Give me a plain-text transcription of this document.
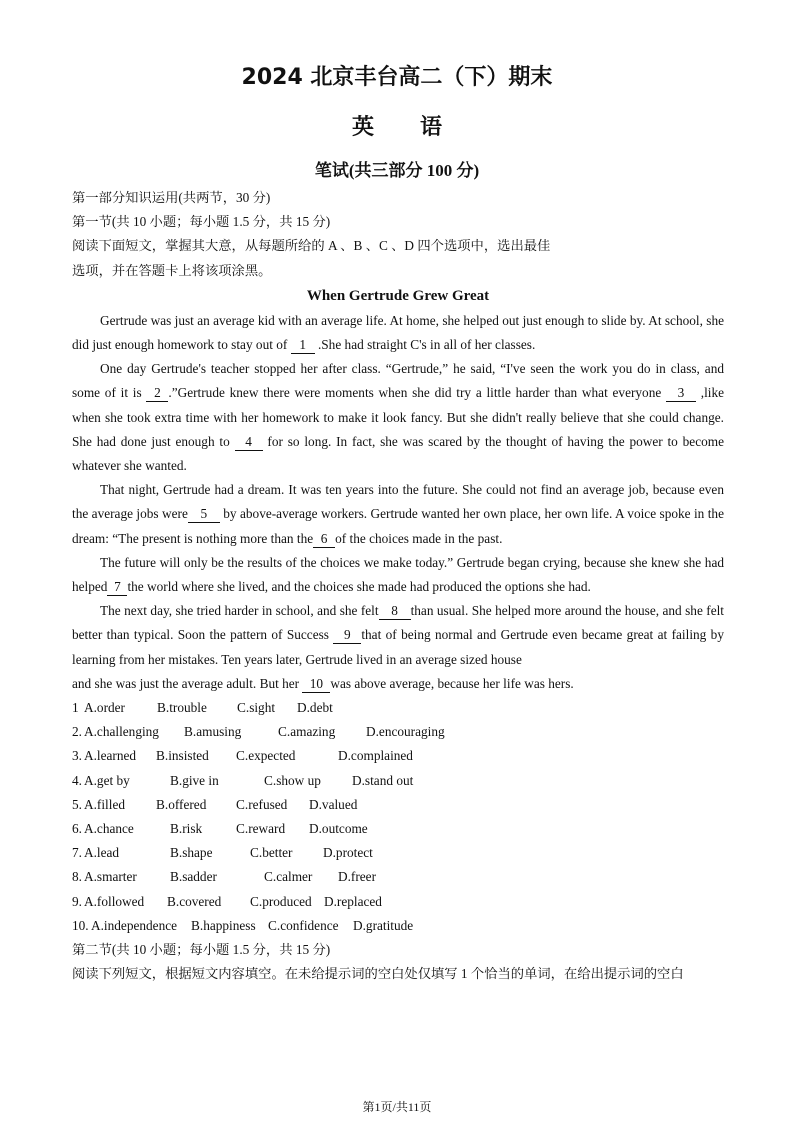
2024 北京丰台高二（下）期末
英 语
笔试(共三部分 100 分)
第一部分知识运用(共两节，30 分)
第一节(共 10 小题；每小题 1.5 分，共 15 分)
阅读下面短文，掌握其大意，从每题所给的 A 、B 、C 、D 四个选项中，选出最佳
选项，并在答题卡上将该项涂黑。
When Gertrude Grew Great
Gertrude was just an average kid with an average life. At home, she helped out just enough to slide by. At school, she did just enough homework to stay out of 1 .She had straight C's in all of her classes.
One day Gertrude's teacher stopped her after class. “Gertrude,” he said, “I've seen the work you do in class, and some of it is 2 .”Gertrude knew there were moments when she did try a little harder than what everyone 3 ,like when she took extra time with her homework to make it look fancy. But she didn't really believe that she could change. She had done just enough to 4 for so long. In fact, she was scared by the thought of having the power to become whatever she wanted.
That night, Gertrude had a dream. It was ten years into the future. She could not find an average job, because even the average jobs were 5 by above-average workers. Gertrude wanted her own place, her own life. A voice spoke in the dream: “The present is nothing more than the 6 of the choices made in the past.
The future will only be the results of the choices we make today.” Gertrude began crying, because she knew she had helped 7 the world where she lived, and the choices she made had produced the options she had.
The next day, she tried harder in school, and she felt 8 than usual. She helped more around the house, and she felt better than typical. Soon the pattern of Success 9 that of being normal and Gertrude even became great at failing by learning from her mistakes. Ten years later, Gertrude lived in an average sized house
and she was just the average adult. But her 10 was above average, because her life was hers.
1 A.order	B.trouble	C.sight	D.debt
2. A.challenging	B.amusing	C.amazing	D.encouraging
3. A.learned	B.insisted	C.expected	D.complained
4. A.get by	B.give in	C.show up	D.stand out
5. A.filled	B.offered	C.refused	D.valued
6. A.chance	B.risk	C.reward	D.outcome
7. A.lead	B.shape	C.better	D.protect
8. A.smarter	B.sadder	C.calmer	D.freer
9. A.followed	B.covered	C.produced D.replaced
10. A.independence	B.happiness C.confidence	D.gratitude
第二节(共 10 小题；每小题 1.5 分，共 15 分)
阅读下列短文，根据短文内容填空。在未给提示词的空白处仅填写 1 个恰当的单词，在给出提示词的空白
第1页/共11页
